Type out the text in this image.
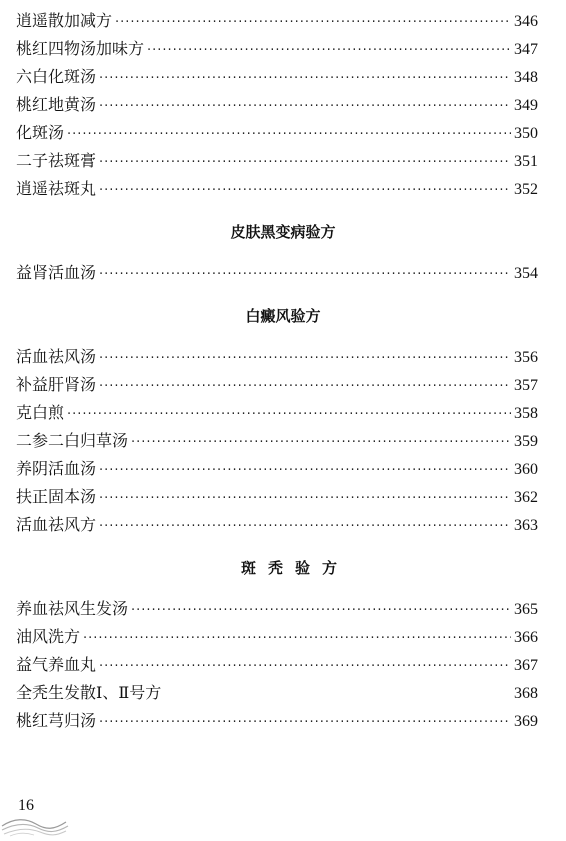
逍遥散加减方 ·····	346
桃红四物汤加味方 ·····	347
六白化斑汤 ·····	348
桃红地黄汤 ·····	349
化斑汤 ·····	350
二子祛斑膏 ·····	351
逍遥祛斑丸 ·····	352
皮肤黑变病验方
益肾活血汤 ·····	354
白癜风验方
活血祛风汤 ·····	356
补益肝肾汤 ·····	357
克白煎 ·····	358
二参二白归草汤 ·····	359
养阴活血汤 ·····	360
扶正固本汤 ·····	362
活血祛风方 ·····	363
斑秃验方
养血祛风生发汤 ·····	365
油风洗方 ·····	366
益气养血丸 ·····	367
全秃生发散Ⅰ、Ⅱ号方	368
桃红芎归汤 ·····	369
16
